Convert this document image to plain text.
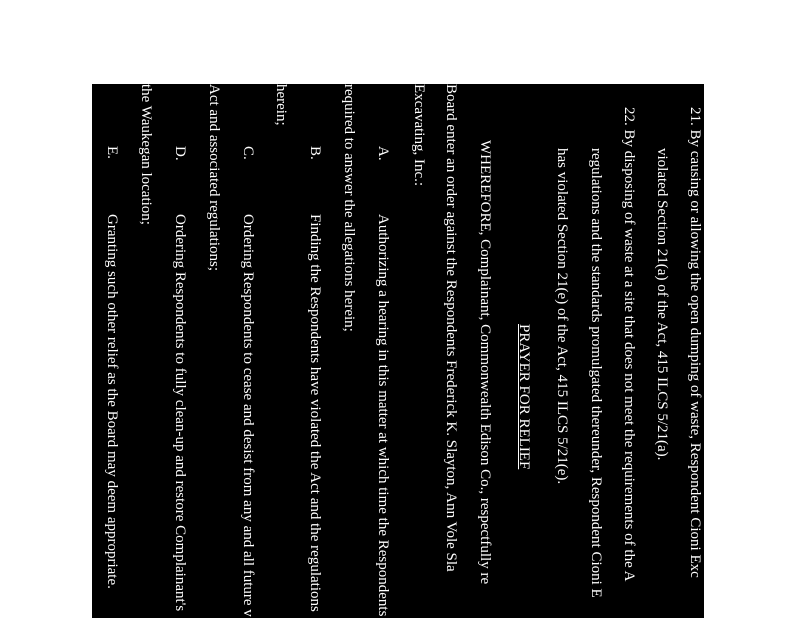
21. By causing or allowing the open dumping of waste, Respondent Cioni Exc
violated Section 21(a) of the Act, 415 ILCS 5/21(a).
22. By disposing of waste at a site that does not meet the requirements of the A
regulations and the standards promulgated thereunder, Respondent Cioni E
has violated Section 21(e) of the Act, 415 ILCS 5/21(e).
PRAYER FOR RELIEF
WHEREFORE, Complainant, Commonwealth Edison Co., respectfully re
Board enter an order against the Respondents Frederick K. Slayton, Ann Vole Sla
Excavating, Inc.:
A.
Authorizing a hearing in this matter at which time the Respondents
required to answer the allegations herein;
B.
Finding the Respondents have violated the Act and the regulations
herein;
C.
Ordering Respondents to cease and desist from any and all future v
Act and associated regulations;
D.
Ordering Respondents to fully clean-up and restore Complainant's
the Waukegan location;
E.
Granting such other relief as the Board may deem appropriate.
